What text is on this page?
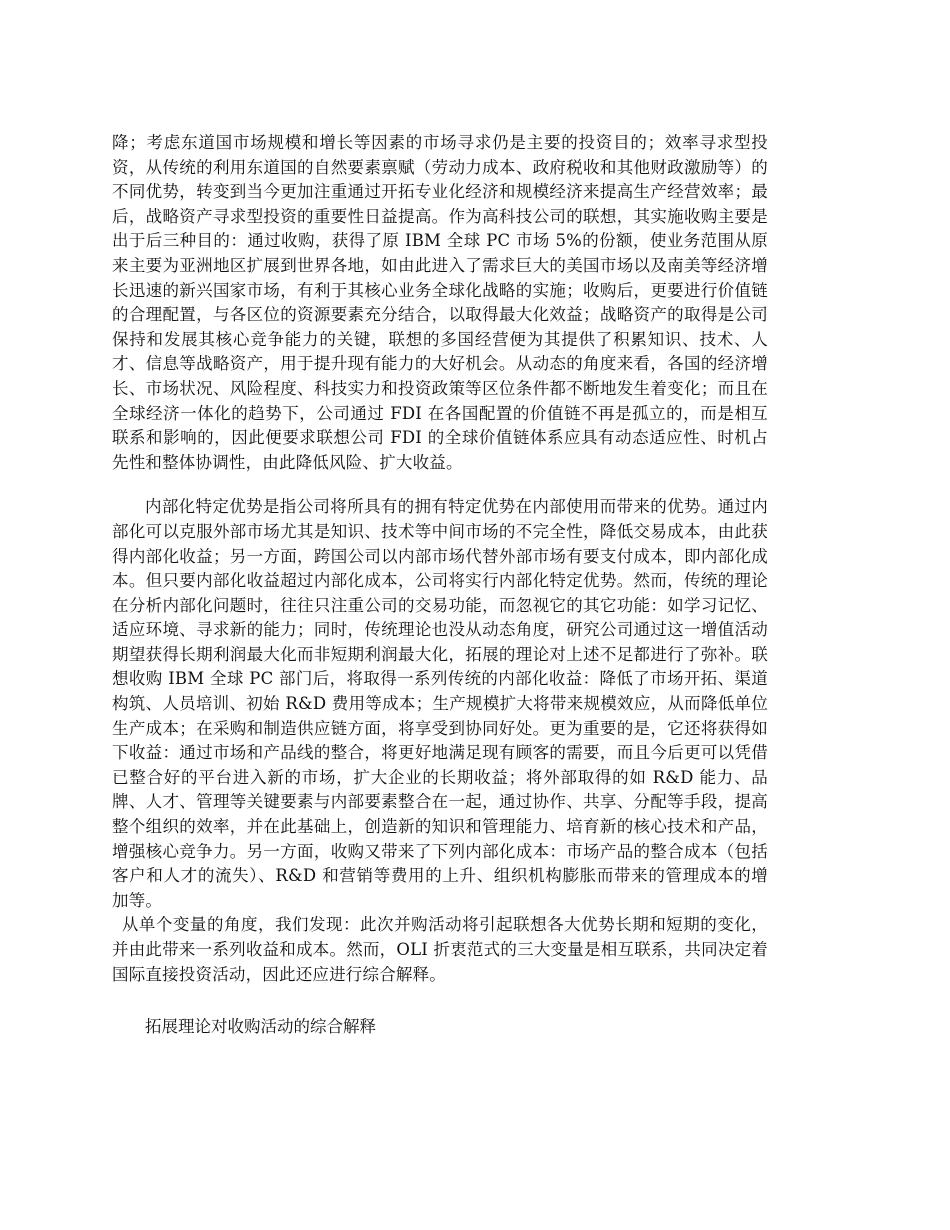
降；考虑东道国市场规模和增长等因素的市场寻求仍是主要的投资目的；效率寻求型投资，从传统的利用东道国的自然要素禀赋（劳动力成本、政府税收和其他财政激励等）的不同优势，转变到当今更加注重通过开拓专业化经济和规模经济来提高生产经营效率；最后，战略资产寻求型投资的重要性日益提高。作为高科技公司的联想，其实施收购主要是出于后三种目的：通过收购，获得了原 IBM 全球 PC 市场 5%的份额，使业务范围从原来主要为亚洲地区扩展到世界各地，如由此进入了需求巨大的美国市场以及南美等经济增长迅速的新兴国家市场，有利于其核心业务全球化战略的实施；收购后，更要进行价值链的合理配置，与各区位的资源要素充分结合，以取得最大化效益；战略资产的取得是公司保持和发展其核心竞争能力的关键，联想的多国经营便为其提供了积累知识、技术、人才、信息等战略资产，用于提升现有能力的大好机会。从动态的角度来看，各国的经济增长、市场状况、风险程度、科技实力和投资政策等区位条件都不断地发生着变化；而且在全球经济一体化的趋势下，公司通过 FDI 在各国配置的价值链不再是孤立的，而是相互联系和影响的，因此便要求联想公司 FDI 的全球价值链体系应具有动态适应性、时机占先性和整体协调性，由此降低风险、扩大收益。

内部化特定优势是指公司将所具有的拥有特定优势在内部使用而带来的优势。通过内部化可以克服外部市场尤其是知识、技术等中间市场的不完全性，降低交易成本，由此获得内部化收益；另一方面，跨国公司以内部市场代替外部市场有要支付成本，即内部化成本。但只要内部化收益超过内部化成本，公司将实行内部化特定优势。然而，传统的理论在分析内部化问题时，往往只注重公司的交易功能，而忽视它的其它功能：如学习记忆、适应环境、寻求新的能力；同时，传统理论也没从动态角度，研究公司通过这一增值活动期望获得长期利润最大化而非短期利润最大化，拓展的理论对上述不足都进行了弥补。联想收购 IBM 全球 PC 部门后，将取得一系列传统的内部化收益：降低了市场开拓、渠道构筑、人员培训、初始 R&D 费用等成本；生产规模扩大将带来规模效应，从而降低单位生产成本；在采购和制造供应链方面，将享受到协同好处。更为重要的是，它还将获得如下收益：通过市场和产品线的整合，将更好地满足现有顾客的需要，而且今后更可以凭借已整合好的平台进入新的市场，扩大企业的长期收益；将外部取得的如 R&D 能力、品牌、人才、管理等关键要素与内部要素整合在一起，通过协作、共享、分配等手段，提高整个组织的效率，并在此基础上，创造新的知识和管理能力、培育新的核心技术和产品，增强核心竞争力。另一方面，收购又带来了下列内部化成本：市场产品的整合成本（包括客户和人才的流失）、R&D 和营销等费用的上升、组织机构膨胀而带来的管理成本的增加等。

从单个变量的角度，我们发现：此次并购活动将引起联想各大优势长期和短期的变化，并由此带来一系列收益和成本。然而，OLI 折衷范式的三大变量是相互联系，共同决定着国际直接投资活动，因此还应进行综合解释。

拓展理论对收购活动的综合解释
